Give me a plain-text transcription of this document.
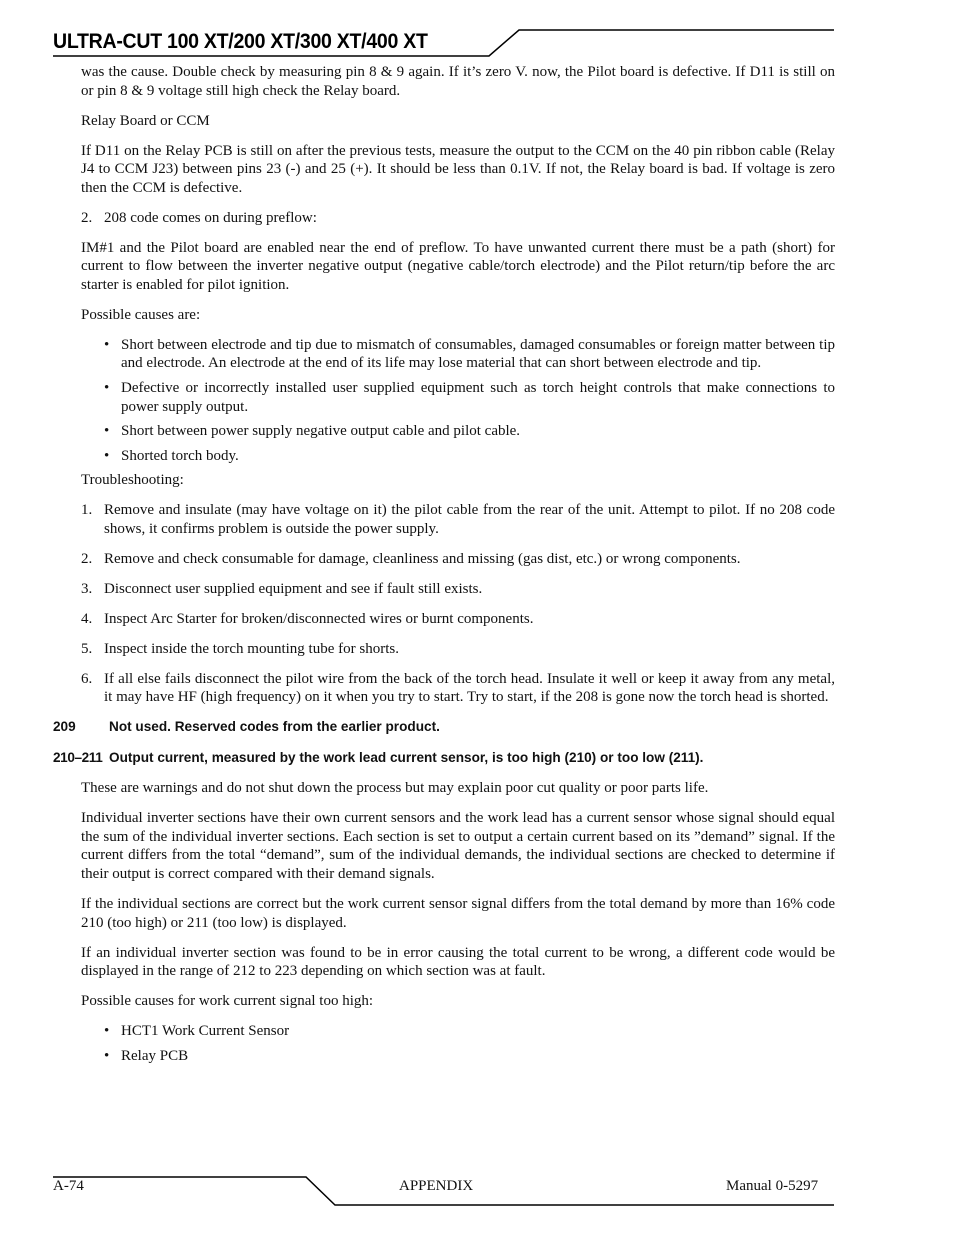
ULTRA-CUT 100 XT/200 XT/300 XT/400 XT

was the cause. Double check by measuring pin 8 & 9 again. If it’s zero V. now, the Pilot board is defective. If D11 is still on or pin 8 & 9 voltage still high check the Relay board.

Relay Board or CCM

If D11 on the Relay PCB is still on after the previous tests, measure the output to the CCM on the 40 pin ribbon cable (Relay J4 to CCM J23) between pins 23 (-) and 25 (+). It should be less than 0.1V. If not, the Relay board is bad. If voltage is zero then the CCM is defective.

2. 208 code comes on during preflow:

IM#1 and the Pilot board are enabled near the end of preflow. To have unwanted current there must be a path (short) for current to flow between the inverter negative output (negative cable/torch electrode) and the Pilot return/tip before the arc starter is enabled for pilot ignition.

Possible causes are:

• Short between electrode and tip due to mismatch of consumables, damaged consumables or foreign matter between tip and electrode. An electrode at the end of its life may lose material that can short between electrode and tip.
• Defective or incorrectly installed user supplied equipment such as torch height controls that make connections to power supply output.
• Short between power supply negative output cable and pilot cable.
• Shorted torch body.

Troubleshooting:

1. Remove and insulate (may have voltage on it) the pilot cable from the rear of the unit. Attempt to pilot. If no 208 code shows, it confirms problem is outside the power supply.
2. Remove and check consumable for damage, cleanliness and missing (gas dist, etc.) or wrong components.
3. Disconnect user supplied equipment and see if fault still exists.
4. Inspect Arc Starter for broken/disconnected wires or burnt components.
5. Inspect inside the torch mounting tube for shorts.
6. If all else fails disconnect the pilot wire from the back of the torch head. Insulate it well or keep it away from any metal, it may have HF (high frequency) on it when you try to start. Try to start, if the 208 is gone now the torch head is shorted.
209 Not used. Reserved codes from the earlier product.
210–211 Output current, measured by the work lead current sensor, is too high (210) or too low (211).

These are warnings and do not shut down the process but may explain poor cut quality or poor parts life.

Individual inverter sections have their own current sensors and the work lead has a current sensor whose signal should equal the sum of the individual inverter sections. Each section is set to output a certain current based on its ”demand” signal. If the current differs from the total “demand”, sum of the individual demands, the individual sections are checked to determine if their output is correct compared with their demand signals.

If the individual sections are correct but the work current sensor signal differs from the total demand by more than 16% code 210 (too high) or 211 (too low) is displayed.

If an individual inverter section was found to be in error causing the total current to be wrong, a different code would be displayed in the range of 212 to 223 depending on which section was at fault.

Possible causes for work current signal too high:

• HCT1 Work Current Sensor
• Relay PCB
A-74	APPENDIX	Manual 0-5297
